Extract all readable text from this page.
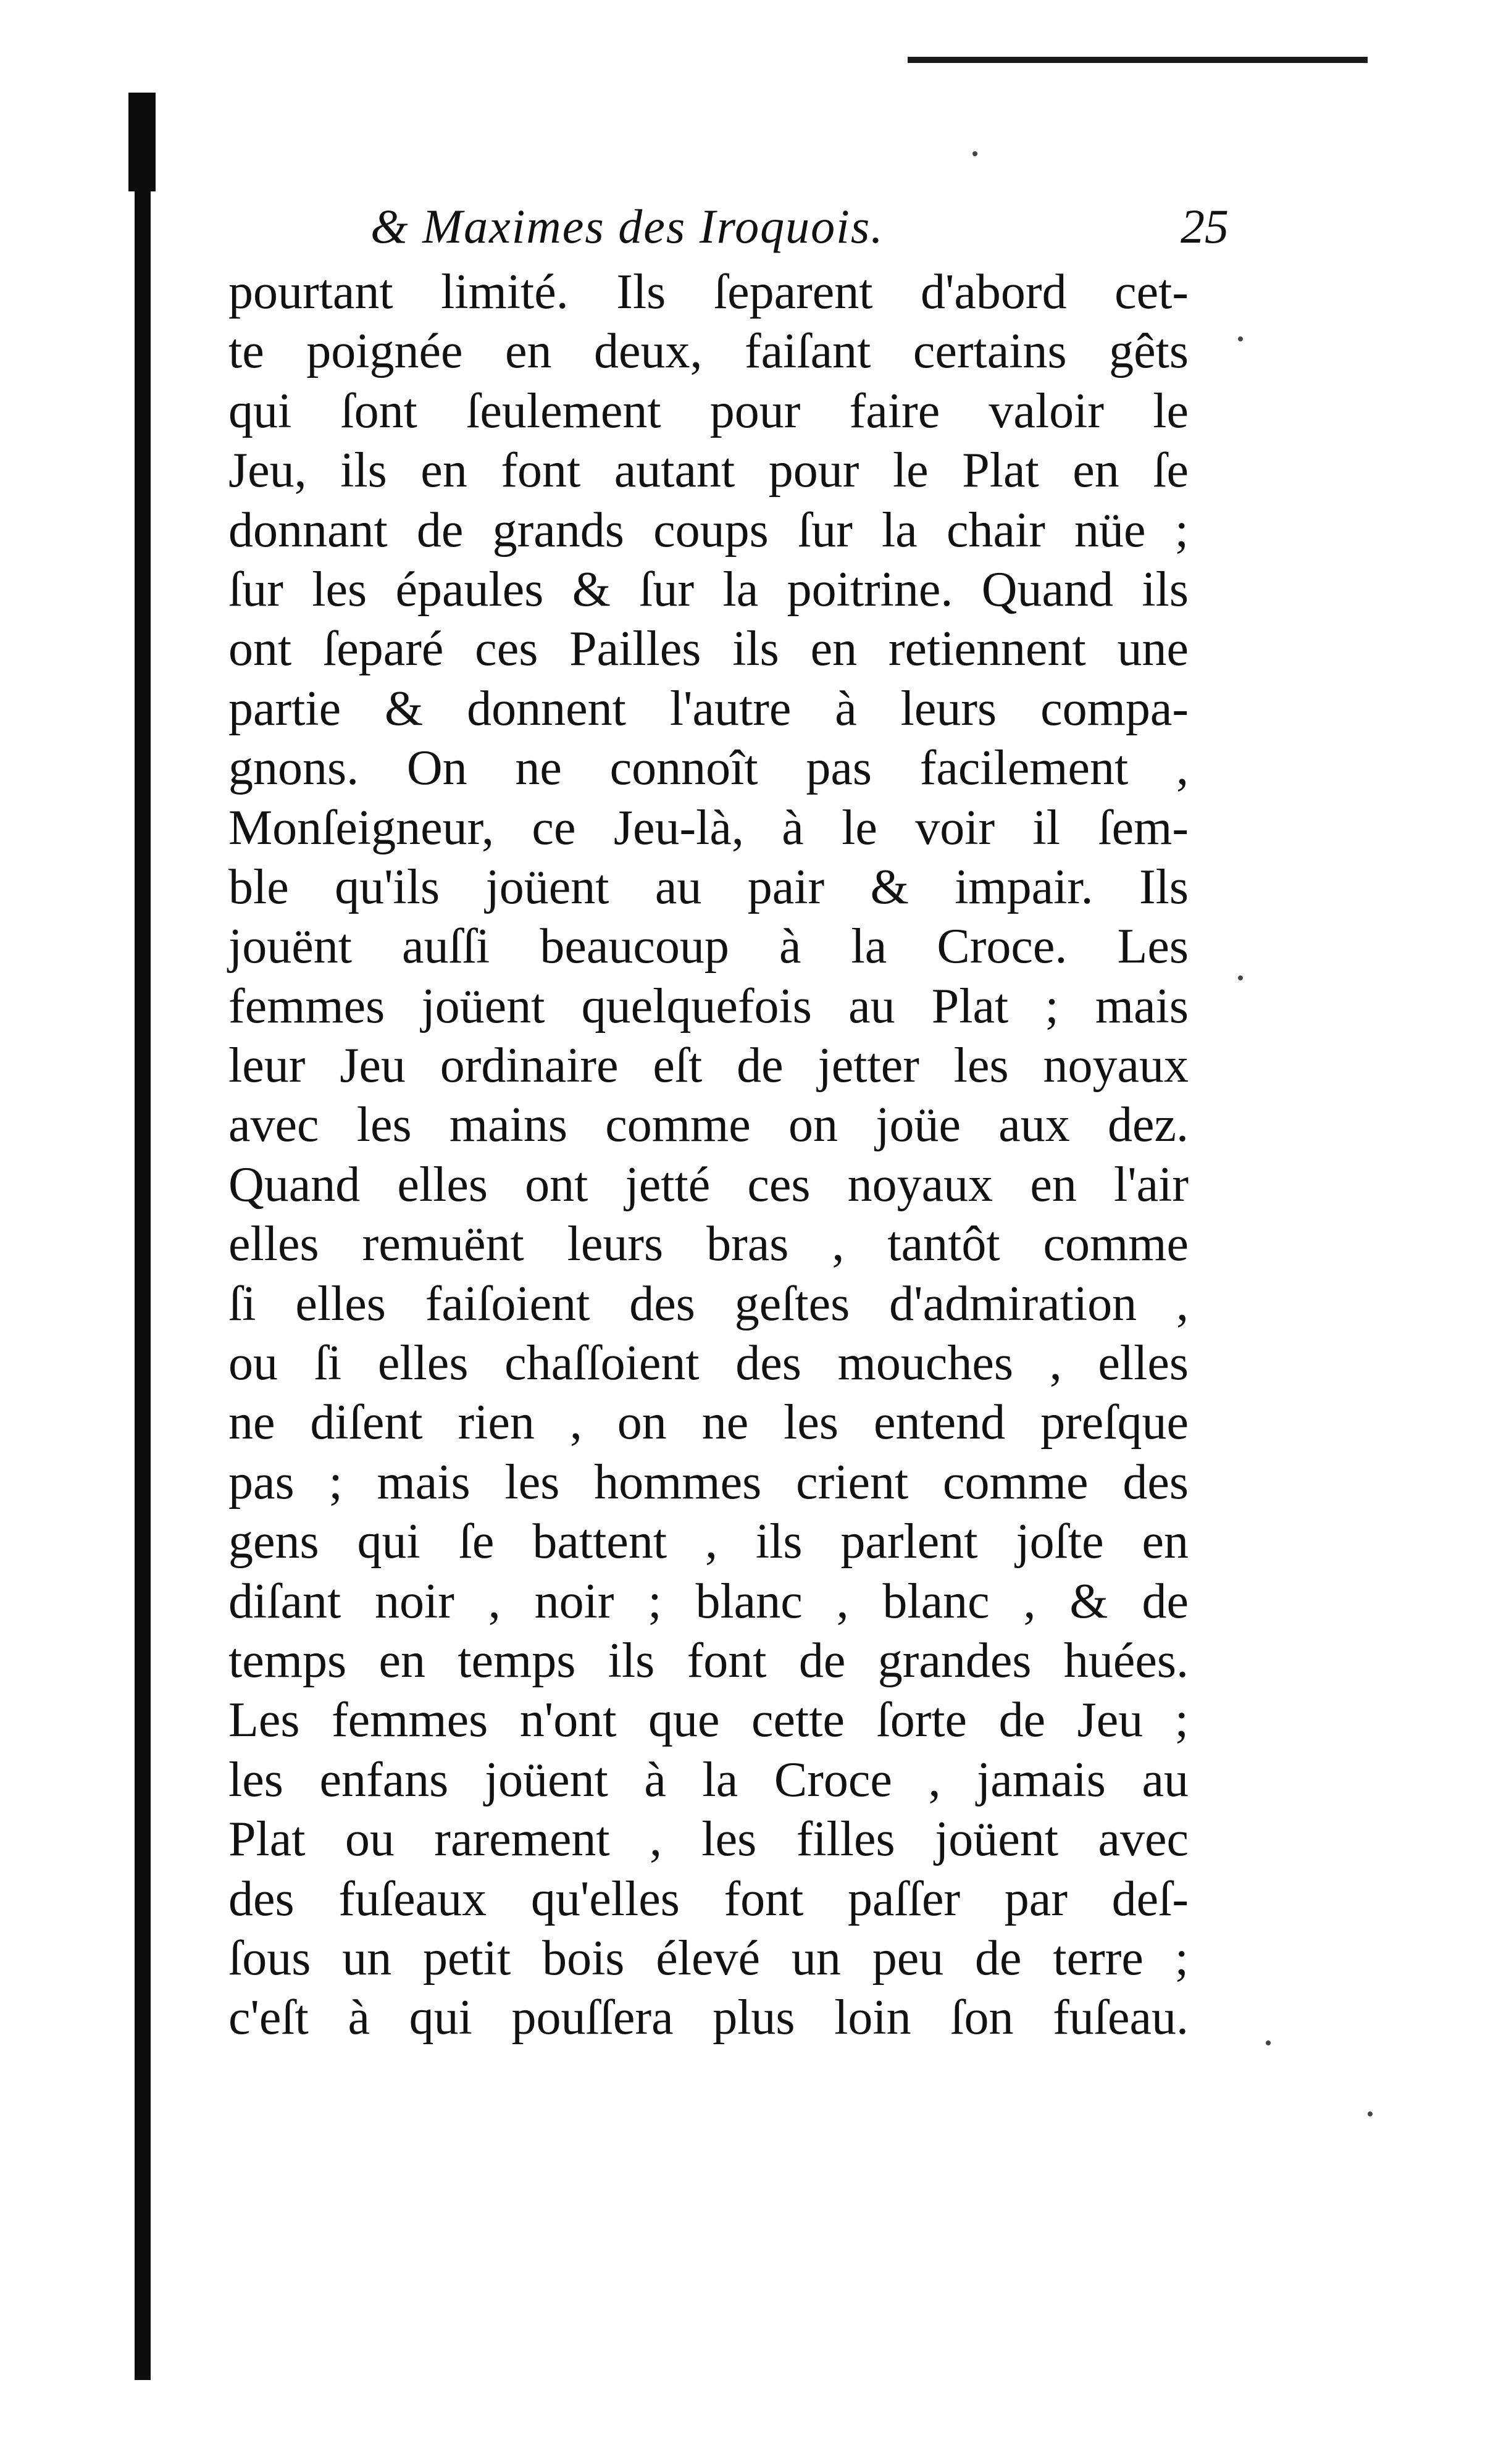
& Maximes des Iroquois.	25
pourtant limité. Ils ſeparent d'abord cet-
te poignée en deux, faiſant certains gêts
qui ſont ſeulement pour faire valoir le
Jeu, ils en font autant pour le Plat en ſe
donnant de grands coups ſur la chair nüe ;
ſur les épaules & ſur la poitrine. Quand ils
ont ſeparé ces Pailles ils en retiennent une
partie & donnent l'autre à leurs compa-
gnons. On ne connoît pas facilement ,
Monſeigneur, ce Jeu-là, à le voir il ſem-
ble qu'ils joüent au pair & impair. Ils
jouënt auſſi beaucoup à la Croce. Les
femmes joüent quelquefois au Plat ; mais
leur Jeu ordinaire eſt de jetter les noyaux
avec les mains comme on joüe aux dez.
Quand elles ont jetté ces noyaux en l'air
elles remuënt leurs bras , tantôt comme
ſi elles faiſoient des geſtes d'admiration ,
ou ſi elles chaſſoient des mouches , elles
ne diſent rien , on ne les entend preſque
pas ; mais les hommes crient comme des
gens qui ſe battent , ils parlent joſte en
diſant noir , noir ; blanc , blanc , & de
temps en temps ils font de grandes huées.
Les femmes n'ont que cette ſorte de Jeu ;
les enfans joüent à la Croce , jamais au
Plat ou rarement , les filles joüent avec
des fuſeaux qu'elles font paſſer par deſ-
ſous un petit bois élevé un peu de terre ;
c'eſt à qui pouſſera plus loin ſon fuſeau.
